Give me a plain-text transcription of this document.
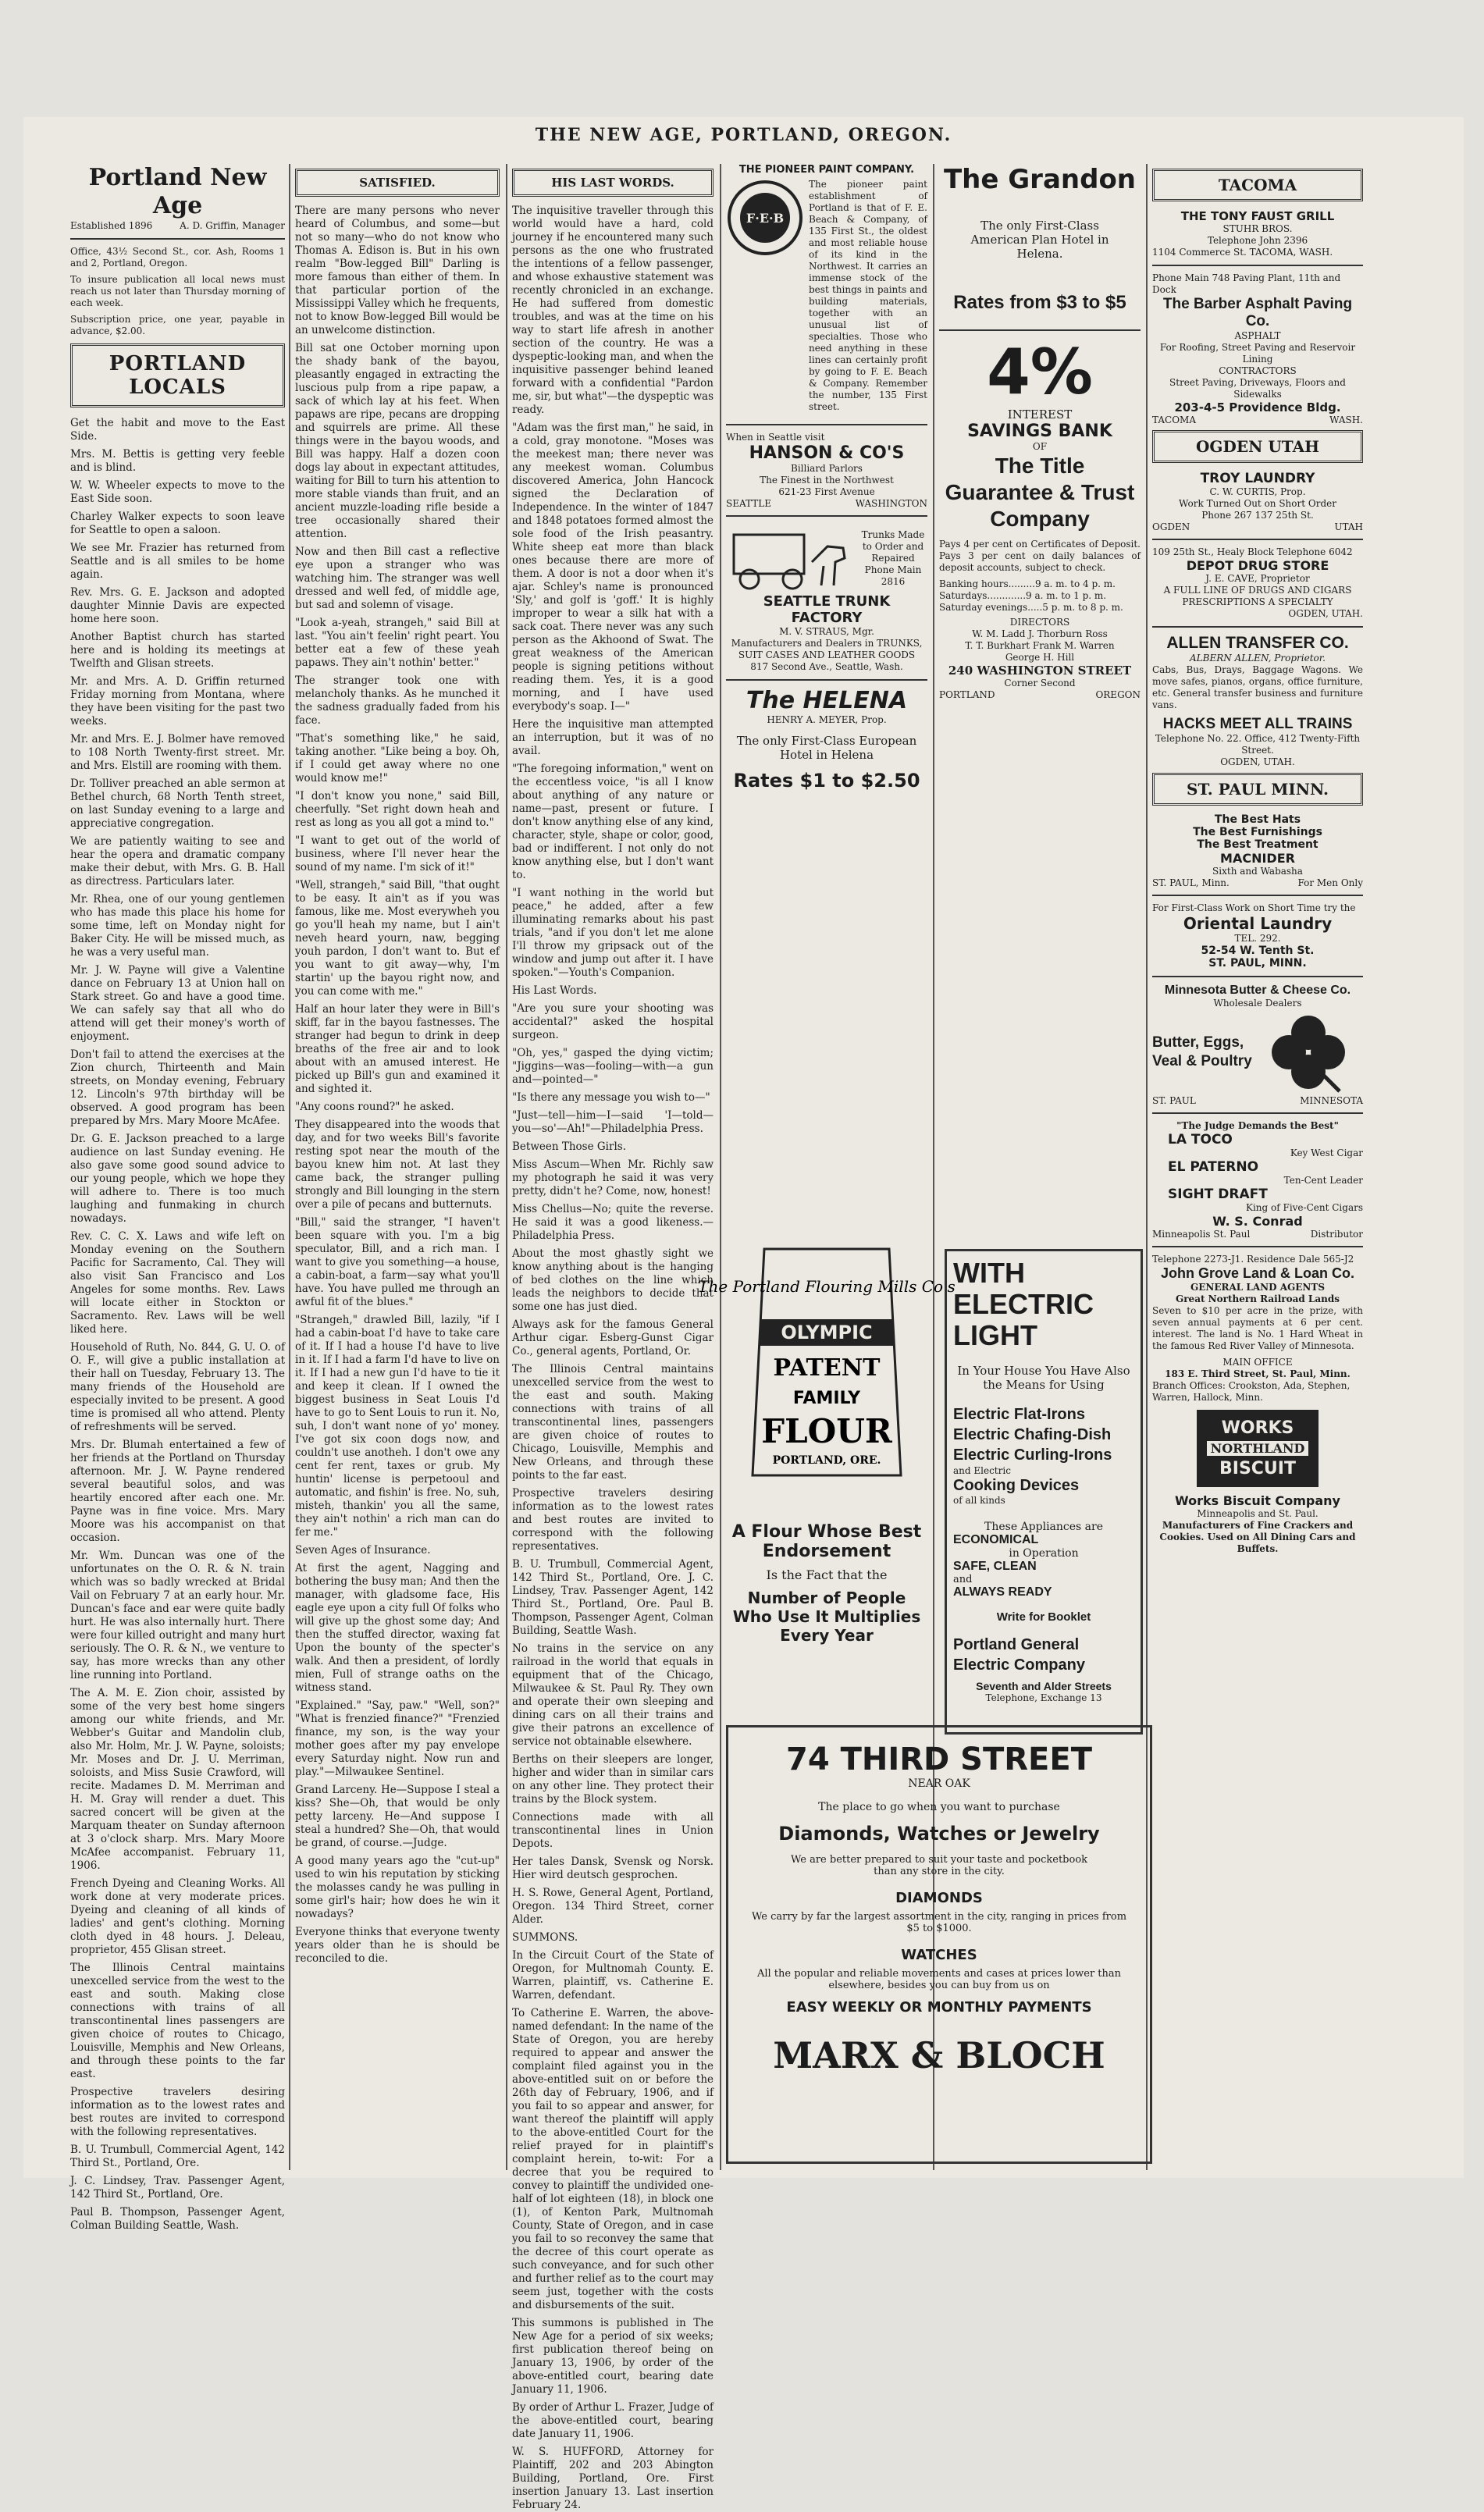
THE NEW AGE, PORTLAND, OREGON.
Portland New Age
Established 1896	A. D. Griffin, Manager

Office, 43½ Second St., cor. Ash, Rooms 1 and 2, Portland, Oregon.

To insure publication all local news must reach us not later than Thursday morning of each week.

Subscription price, one year, payable in advance, $2.00.

PORTLAND LOCALS

Get the habit and move to the East Side.

Mrs. M. Bettis is getting very feeble and is blind.

W. W. Wheeler expects to move to the East Side soon.

Charley Walker expects to soon leave for Seattle to open a saloon.

We see Mr. Frazier has returned from Seattle and is all smiles to be home again.

Rev. Mrs. G. E. Jackson and adopted daughter Minnie Davis are expected home here soon.

Another Baptist church has started here and is holding its meetings at Twelfth and Glisan streets.

Mr. and Mrs. A. D. Griffin returned Friday morning from Montana, where they have been visiting for the past two weeks.

Mr. and Mrs. E. J. Bolmer have removed to 108 North Twenty-first street. Mr. and Mrs. Elstill are rooming with them.

Dr. Tolliver preached an able sermon at Bethel church, 68 North Tenth street, on last Sunday evening to a large and appreciative congregation.

We are patiently waiting to see and hear the opera and dramatic company make their debut, with Mrs. G. B. Hall as directress. Particulars later.

Mr. Rhea, one of our young gentlemen who has made this place his home for some time, left on Monday night for Baker City. He will be missed much, as he was a very useful man.

Mr. J. W. Payne will give a Valentine dance on February 13 at Union hall on Stark street. Go and have a good time. We can safely say that all who do attend will get their money's worth of enjoyment.

Don't fail to attend the exercises at the Zion church, Thirteenth and Main streets, on Monday evening, February 12. Lincoln's 97th birthday will be observed. A good program has been prepared by Mrs. Mary Moore McAfee.

Dr. G. E. Jackson preached to a large audience on last Sunday evening. He also gave some good sound advice to our young people, which we hope they will adhere to. There is too much laughing and funmaking in church nowadays.

Rev. C. C. X. Laws and wife left on Monday evening on the Southern Pacific for Sacramento, Cal. They will also visit San Francisco and Los Angeles for some months. Rev. Laws will locate either in Stockton or Sacramento. Rev. Laws will be well liked here.

Household of Ruth, No. 844, G. U. O. of O. F., will give a public installation at their hall on Tuesday, February 13. The many friends of the Household are especially invited to be present. A good time is promised all who attend. Plenty of refreshments will be served.

Mrs. Dr. Blumah entertained a few of her friends at the Portland on Thursday afternoon. Mr. J. W. Payne rendered several beautiful solos, and was heartily encored after each one. Mr. Payne was in fine voice. Mrs. Mary Moore was his accompanist on that occasion.

Mr. Wm. Duncan was one of the unfortunates on the O. R. & N. train which was so badly wrecked at Bridal Vail on February 7 at an early hour. Mr. Duncan's face and ear were quite badly hurt. He was also internally hurt. There were four killed outright and many hurt seriously. The O. R. & N., we venture to say, has more wrecks than any other line running into Portland.

The A. M. E. Zion choir, assisted by some of the very best home singers among our white friends, and Mr. Webber's Guitar and Mandolin club, also Mr. Holm, Mr. J. W. Payne, soloists; Mr. Moses and Dr. J. U. Merriman, soloists, and Miss Susie Crawford, will recite. Madames D. M. Merriman and H. M. Gray will render a duet. This sacred concert will be given at the Marquam theater on Sunday afternoon at 3 o'clock sharp. Mrs. Mary Moore McAfee accompanist. February 11, 1906.

French Dyeing and Cleaning Works. All work done at very moderate prices. Dyeing and cleaning of all kinds of ladies' and gent's clothing. Morning cloth dyed in 48 hours. J. Deleau, proprietor, 455 Glisan street.

The Illinois Central maintains unexcelled service from the west to the east and south. Making close connections with trains of all transcontinental lines passengers are given choice of routes to Chicago, Louisville, Memphis and New Orleans, and through these points to the far east.

Prospective travelers desiring information as to the lowest rates and best routes are invited to correspond with the following representatives.

B. U. Trumbull, Commercial Agent, 142 Third St., Portland, Ore.

J. C. Lindsey, Trav. Passenger Agent, 142 Third St., Portland, Ore.

Paul B. Thompson, Passenger Agent, Colman Building Seattle, Wash.

SATISFIED.

There are many persons who never heard of Columbus, and some—but not so many—who do not know who Thomas A. Edison is. But in his own realm "Bow-legged Bill" Darling is more famous than either of them. In that particular portion of the Mississippi Valley which he frequents, not to know Bow-legged Bill would be an unwelcome distinction.

Bill sat one October morning upon the shady bank of the bayou, pleasantly engaged in extracting the luscious pulp from a ripe papaw, a sack of which lay at his feet. When papaws are ripe, pecans are dropping and squirrels are prime. All these things were in the bayou woods, and Bill was happy. Half a dozen coon dogs lay about in expectant attitudes, waiting for Bill to turn his attention to more stable viands than fruit, and an ancient muzzle-loading rifle beside a tree occasionally shared their attention.

Now and then Bill cast a reflective eye upon a stranger who was watching him. The stranger was well dressed and well fed, of middle age, but sad and solemn of visage.

"Look a-yeah, strangeh," said Bill at last. "You ain't feelin' right peart. You better eat a few of these yeah papaws. They ain't nothin' better."

The stranger took one with melancholy thanks. As he munched it the sadness gradually faded from his face.

"That's something like," he said, taking another. "Like being a boy. Oh, if I could get away where no one would know me!"

"I don't know you none," said Bill, cheerfully. "Set right down heah and rest as long as you all got a mind to."

"I want to get out of the world of business, where I'll never hear the sound of my name. I'm sick of it!"

"Well, strangeh," said Bill, "that ought to be easy. It ain't as if you was famous, like me. Most everywheh you go you'll heah my name, but I ain't neveh heard yourn, naw, begging youh pardon, I don't want to. But ef you want to git away—why, I'm startin' up the bayou right now, and you can come with me."

Half an hour later they were in Bill's skiff, far in the bayou fastnesses. The stranger had begun to drink in deep breaths of the free air and to look about with an amused interest. He picked up Bill's gun and examined it and sighted it.

"Any coons round?" he asked.

They disappeared into the woods that day, and for two weeks Bill's favorite resting spot near the mouth of the bayou knew him not. At last they came back, the stranger pulling strongly and Bill lounging in the stern over a pile of pecans and butternuts.

"Bill," said the stranger, "I haven't been square with you. I'm a big speculator, Bill, and a rich man. I want to give you something—a house, a cabin-boat, a farm—say what you'll have. You have pulled me through an awful fit of the blues."

"Strangeh," drawled Bill, lazily, "if I had a cabin-boat I'd have to take care of it. If I had a house I'd have to live in it. If I had a farm I'd have to live on it. If I had a new gun I'd have to tie it and keep it clean. If I owned the biggest business in Seat Louis I'd have to go to Sent Louis to run it. No, suh, I don't want none of yo' money. I've got six coon dogs now, and couldn't use anotheh. I don't owe any cent fer rent, taxes or grub. My huntin' license is perpetooul and automatic, and fishin' is free. No, suh, misteh, thankin' you all the same, they ain't nothin' a rich man can do fer me."

Seven Ages of Insurance.

At first the agent, Nagging and bothering the busy man; And then the manager, with gladsome face, His eagle eye upon a city full Of folks who will give up the ghost some day; And then the stuffed director, waxing fat Upon the bounty of the specter's walk. And then a president, of lordly mien, Full of strange oaths on the witness stand.

"Explained." "Say, paw." "Well, son?" "What is frenzied finance?" "Frenzied finance, my son, is the way your mother goes after my pay envelope every Saturday night. Now run and play."—Milwaukee Sentinel.

Grand Larceny. He—Suppose I steal a kiss? She—Oh, that would be only petty larceny. He—And suppose I steal a hundred? She—Oh, that would be grand, of course.—Judge.

A good many years ago the "cut-up" used to win his reputation by sticking the molasses candy he was pulling in some girl's hair; how does he win it nowadays?

Everyone thinks that everyone twenty years older than he is should be reconciled to die.

HIS LAST WORDS.

The inquisitive traveller through this world would have a hard, cold journey if he encountered many such persons as the one who frustrated the intentions of a fellow passenger, and whose exhaustive statement was recently chronicled in an exchange. He had suffered from domestic troubles, and was at the time on his way to start life afresh in another section of the country. He was a dyspeptic-looking man, and when the inquisitive passenger behind leaned forward with a confidential "Pardon me, sir, but what"—the dyspeptic was ready.

"Adam was the first man," he said, in a cold, gray monotone. "Moses was the meekest man; there never was any meekest woman. Columbus discovered America, John Hancock signed the Declaration of Independence. In the winter of 1847 and 1848 potatoes formed almost the sole food of the Irish peasantry. White sheep eat more than black ones because there are more of them. A door is not a door when it's ajar. Schley's name is pronounced 'Sly,' and golf is 'goff.' It is highly improper to wear a silk hat with a sack coat. There never was any such person as the Akhoond of Swat. The great weakness of the American people is signing petitions without reading them. Yes, it is a good morning, and I have used everybody's soap. I—"

Here the inquisitive man attempted an interruption, but it was of no avail.

"The foregoing information," went on the eccentless voice, "is all I know about anything of any nature or name—past, present or future. I don't know anything else of any kind, character, style, shape or color, good, bad or indifferent. I not only do not know anything else, but I don't want to.

"I want nothing in the world but peace," he added, after a few illuminating remarks about his past trials, "and if you don't let me alone I'll throw my gripsack out of the window and jump out after it. I have spoken."—Youth's Companion.

His Last Words.

"Are you sure your shooting was accidental?" asked the hospital surgeon.

"Oh, yes," gasped the dying victim; "Jiggins—was—fooling—with—a gun and—pointed—"

"Is there any message you wish to—"

"Just—tell—him—I—said 'I—told—you—so'—Ah!"—Philadelphia Press.

Between Those Girls.

Miss Ascum—When Mr. Richly saw my photograph he said it was very pretty, didn't he? Come, now, honest!

Miss Chellus—No; quite the reverse. He said it was a good likeness.—Philadelphia Press.

About the most ghastly sight we know anything about is the hanging of bed clothes on the line which leads the neighbors to decide that some one has just died.

Always ask for the famous General Arthur cigar. Esberg-Gunst Cigar Co., general agents, Portland, Or.

The Illinois Central maintains unexcelled service from the west to the east and south. Making connections with trains of all transcontinental lines, passengers are given choice of routes to Chicago, Louisville, Memphis and New Orleans, and through these points to the far east.

Prospective travelers desiring information as to the lowest rates and best routes are invited to correspond with the following representatives.

B. U. Trumbull, Commercial Agent, 142 Third St., Portland, Ore. J. C. Lindsey, Trav. Passenger Agent, 142 Third St., Portland, Ore. Paul B. Thompson, Passenger Agent, Colman Building, Seattle Wash.

No trains in the service on any railroad in the world that equals in equipment that of the Chicago, Milwaukee & St. Paul Ry. They own and operate their own sleeping and dining cars on all their trains and give their patrons an excellence of service not obtainable elsewhere.

Berths on their sleepers are longer, higher and wider than in similar cars on any other line. They protect their trains by the Block system.

Connections made with all transcontinental lines in Union Depots.

Her tales Dansk, Svensk og Norsk. Hier wird deutsch gesprochen.

H. S. Rowe, General Agent, Portland, Oregon. 134 Third Street, corner Alder.

SUMMONS.

In the Circuit Court of the State of Oregon, for Multnomah County. E. Warren, plaintiff, vs. Catherine E. Warren, defendant.

To Catherine E. Warren, the above-named defendant: In the name of the State of Oregon, you are hereby required to appear and answer the complaint filed against you in the above-entitled suit on or before the 26th day of February, 1906, and if you fail to so appear and answer, for want thereof the plaintiff will apply to the above-entitled Court for the relief prayed for in plaintiff's complaint herein, to-wit: For a decree that you be required to convey to plaintiff the undivided one-half of lot eighteen (18), in block one (1), of Kenton Park, Multnomah County, State of Oregon, and in case you fail to so reconvey the same that the decree of this court operate as such conveyance, and for such other and further relief as to the court may seem just, together with the costs and disbursements of the suit.

This summons is published in The New Age for a period of six weeks; first publication thereof being on January 13, 1906, by order of the above-entitled court, bearing date January 11, 1906.

By order of Arthur L. Frazer, Judge of the above-entitled court, bearing date January 11, 1906.

W. S. HUFFORD, Attorney for Plaintiff, 202 and 203 Abington Building, Portland, Ore. First insertion January 13. Last insertion February 24.

THE PIONEER PAINT COMPANY.
F·E·B

The pioneer paint establishment of Portland is that of F. E. Beach & Company, of 135 First St., the oldest and most reliable house of its kind in the Northwest. It carries an immense stock of the best things in paints and building materials, together with an unusual list of specialties. Those who need anything in these lines can certainly profit by going to F. E. Beach & Company. Remember the number, 135 First street.

When in Seattle visit
HANSON & CO'S
Billiard Parlors
The Finest in the Northwest
621-23 First Avenue
SEATTLE	WASHINGTON
Trunks Made to Order and Repaired
Phone Main 2816
SEATTLE TRUNK FACTORY
M. V. STRAUS, Mgr.
Manufacturers and Dealers in TRUNKS, SUIT CASES AND LEATHER GOODS
817 Second Ave., Seattle, Wash.
The HELENA
HENRY A. MEYER, Prop.
The only First-Class European Hotel in Helena
Rates $1 to $2.50
The Portland Flouring Mills Co's
OLYMPIC
PATENT
FAMILY
FLOUR
PORTLAND, ORE.
A Flour Whose Best Endorsement
Is the Fact that the
Number of People Who Use It Multiplies Every Year
The Grandon
The only First-Class American Plan Hotel in Helena.
Rates from $3 to $5
4%
INTEREST
SAVINGS BANK
OF
The Title Guarantee & Trust Company

Pays 4 per cent on Certificates of Deposit. Pays 3 per cent on daily balances of deposit accounts, subject to check.

Banking hours.........9 a. m. to 4 p. m.
Saturdays.............9 a. m. to 1 p. m.
Saturday evenings.....5 p. m. to 8 p. m.
DIRECTORS
W. M. Ladd J. Thorburn Ross
T. T. Burkhart Frank M. Warren
George H. Hill
240 WASHINGTON STREET
Corner Second
PORTLAND	OREGON
WITH ELECTRIC LIGHT
In Your House You Have Also the Means for Using
Electric Flat-Irons Electric Chafing-Dish Electric Curling-Irons
and Electric
Cooking Devices
of all kinds
These Appliances are
ECONOMICAL
in Operation
SAFE, CLEAN
and
ALWAYS READY
Write for Booklet
Portland General Electric Company
Seventh and Alder Streets
Telephone, Exchange 13
TACOMA
THE TONY FAUST GRILL
STUHR BROS.
Telephone John 2396
1104 Commerce St. TACOMA, WASH.
Phone Main 748 Paving Plant, 11th and Dock
The Barber Asphalt Paving Co.
ASPHALT
For Roofing, Street Paving and Reservoir Lining
CONTRACTORS
Street Paving, Driveways, Floors and Sidewalks
203-4-5 Providence Bldg.
TACOMA	WASH.
OGDEN UTAH
TROY LAUNDRY
C. W. CURTIS, Prop.
Work Turned Out on Short Order
Phone 267 137 25th St.
OGDEN	UTAH
109 25th St., Healy Block Telephone 6042
DEPOT DRUG STORE
J. E. CAVE, Proprietor
A FULL LINE OF DRUGS AND CIGARS
PRESCRIPTIONS A SPECIALTY
OGDEN, UTAH.
ALLEN TRANSFER CO.
ALBERN ALLEN, Proprietor.

Cabs, Bus, Drays, Baggage Wagons. We move safes, pianos, organs, office furniture, etc. General transfer business and furniture vans.

HACKS MEET ALL TRAINS
Telephone No. 22. Office, 412 Twenty-Fifth Street.
OGDEN, UTAH.
ST. PAUL MINN.
The Best Hats
The Best Furnishings
The Best Treatment
MACNIDER
Sixth and Wabasha
ST. PAUL, Minn.	For Men Only
For First-Class Work on Short Time try the
Oriental Laundry
TEL. 292.
52-54 W. Tenth St.
ST. PAUL, MINN.
Minnesota Butter & Cheese Co.
Wholesale Dealers
Butter, Eggs, Veal & Poultry
ST. PAUL	MINNESOTA
"The Judge Demands the Best"
LA TOCO
Key West Cigar
EL PATERNO
Ten-Cent Leader
SIGHT DRAFT
King of Five-Cent Cigars
W. S. Conrad
Minneapolis St. Paul	Distributor
Telephone 2273-J1. Residence Dale 565-J2
John Grove Land & Loan Co.
GENERAL LAND AGENTS
Great Northern Railroad Lands

Seven to $10 per acre in the prize, with seven annual payments at 6 per cent. interest. The land is No. 1 Hard Wheat in the famous Red River Valley of Minnesota.

MAIN OFFICE
183 E. Third Street, St. Paul, Minn.
Branch Offices: Crookston, Ada, Stephen, Warren, Hallock, Minn.
WORKS
NORTHLAND
BISCUIT
Works Biscuit Company
Minneapolis and St. Paul.
Manufacturers of Fine Crackers and Cookies. Used on All Dining Cars and Buffets.
74 THIRD STREET
NEAR OAK
The place to go when you want to purchase
Diamonds, Watches or Jewelry
We are better prepared to suit your taste and pocketbook than any store in the city.
DIAMONDS
We carry by far the largest assortment in the city, ranging in prices from $5 to $1000.
WATCHES
All the popular and reliable movements and cases at prices lower than elsewhere, besides you can buy from us on
EASY WEEKLY OR MONTHLY PAYMENTS
MARX & BLOCH
